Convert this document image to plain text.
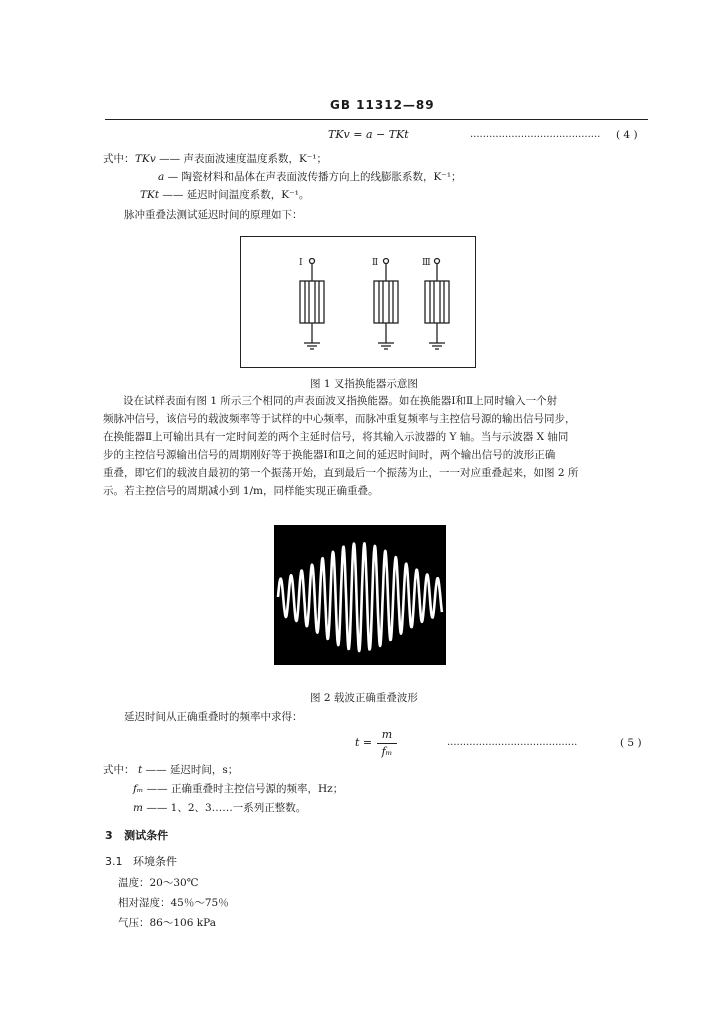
GB 11312—89
TKv = a − TKt	......................................... ( 4 )
式中： TKv —— 声表面波速度温度系数，K⁻¹；
a — 陶瓷材料和晶体在声表面波传播方向上的线膨胀系数，K⁻¹；
TKt —— 延迟时间温度系数，K⁻¹。
脉冲重叠法测试延迟时间的原理如下：
Ⅰ	Ⅱ	Ⅲ
图 1 叉指换能器示意图
设在试样表面有图 1 所示三个相同的声表面波叉指换能器。如在换能器Ⅰ和Ⅱ上同时输入一个射
频脉冲信号，该信号的载波频率等于试样的中心频率，而脉冲重复频率与主控信号源的输出信号同步，
在换能器Ⅱ上可输出具有一定时间差的两个主延时信号，将其输入示波器的 Y 轴。当与示波器 X 轴同
步的主控信号源输出信号的周期刚好等于换能器Ⅰ和Ⅱ之间的延迟时间时，两个输出信号的波形正确
重叠，即它们的载波自最初的第一个振荡开始，直到最后一个振荡为止，一一对应重叠起来，如图 2 所
示。若主控信号的周期减小到 1/m，同样能实现正确重叠。
图 2 载波正确重叠波形
延迟时间从正确重叠时的频率中求得：
t =
m
fₘ
.........................................	( 5 )
式中： t —— 延迟时间，s；
fₘ —— 正确重叠时主控信号源的频率，Hz；
m —— 1、2、3……一系列正整数。
3 测试条件
3.1 环境条件
温度：20～30℃
相对湿度：45％～75％
气压：86～106 kPa
